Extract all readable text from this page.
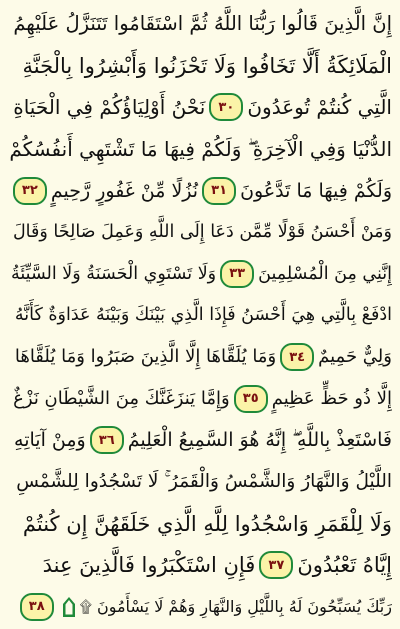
إِنَّ الَّذِينَ قَالُوا رَبُّنَا اللَّهُ ثُمَّ اسْتَقَامُوا تَتَنَزَّلُ عَلَيْهِمُ
الْمَلَائِكَةُ أَلَّا تَخَافُوا وَلَا تَحْزَنُوا وَأَبْشِرُوا بِالْجَنَّةِ
الَّتِي كُنتُمْ تُوعَدُونَ
٣٠
نَحْنُ أَوْلِيَاؤُكُمْ فِي الْحَيَاةِ
الدُّنْيَا وَفِي الْآخِرَةِ ۖ وَلَكُمْ فِيهَا مَا تَشْتَهِي أَنفُسُكُمْ
وَلَكُمْ فِيهَا مَا تَدَّعُونَ
٣١
نُزُلًا مِّنْ غَفُورٍ رَّحِيمٍ
٣٢
وَمَنْ أَحْسَنُ قَوْلًا مِّمَّن دَعَا إِلَى اللَّهِ وَعَمِلَ صَالِحًا وَقَالَ
إِنَّنِي مِنَ الْمُسْلِمِينَ
٣٣
وَلَا تَسْتَوِي الْحَسَنَةُ وَلَا السَّيِّئَةُ
ادْفَعْ بِالَّتِي هِيَ أَحْسَنُ فَإِذَا الَّذِي بَيْنَكَ وَبَيْنَهُ عَدَاوَةٌ كَأَنَّهُ
وَلِيٌّ حَمِيمٌ
٣٤
وَمَا يُلَقَّاهَا إِلَّا الَّذِينَ صَبَرُوا وَمَا يُلَقَّاهَا
إِلَّا ذُو حَظٍّ عَظِيمٍ
٣٥
وَإِمَّا يَنزَغَنَّكَ مِنَ الشَّيْطَانِ نَزْغٌ
فَاسْتَعِذْ بِاللَّهِ ۖ إِنَّهُ هُوَ السَّمِيعُ الْعَلِيمُ
٣٦
وَمِنْ آيَاتِهِ
اللَّيْلُ وَالنَّهَارُ وَالشَّمْسُ وَالْقَمَرُ ۚ لَا تَسْجُدُوا لِلشَّمْسِ
وَلَا لِلْقَمَرِ وَاسْجُدُوا لِلَّهِ الَّذِي خَلَقَهُنَّ إِن كُنتُمْ
إِيَّاهُ تَعْبُدُونَ
٣٧
فَإِنِ اسْتَكْبَرُوا فَالَّذِينَ عِندَ
رَبِّكَ يُسَبِّحُونَ لَهُ بِاللَّيْلِ وَالنَّهَارِ وَهُمْ لَا يَسْأَمُونَ ۩
٣٨
